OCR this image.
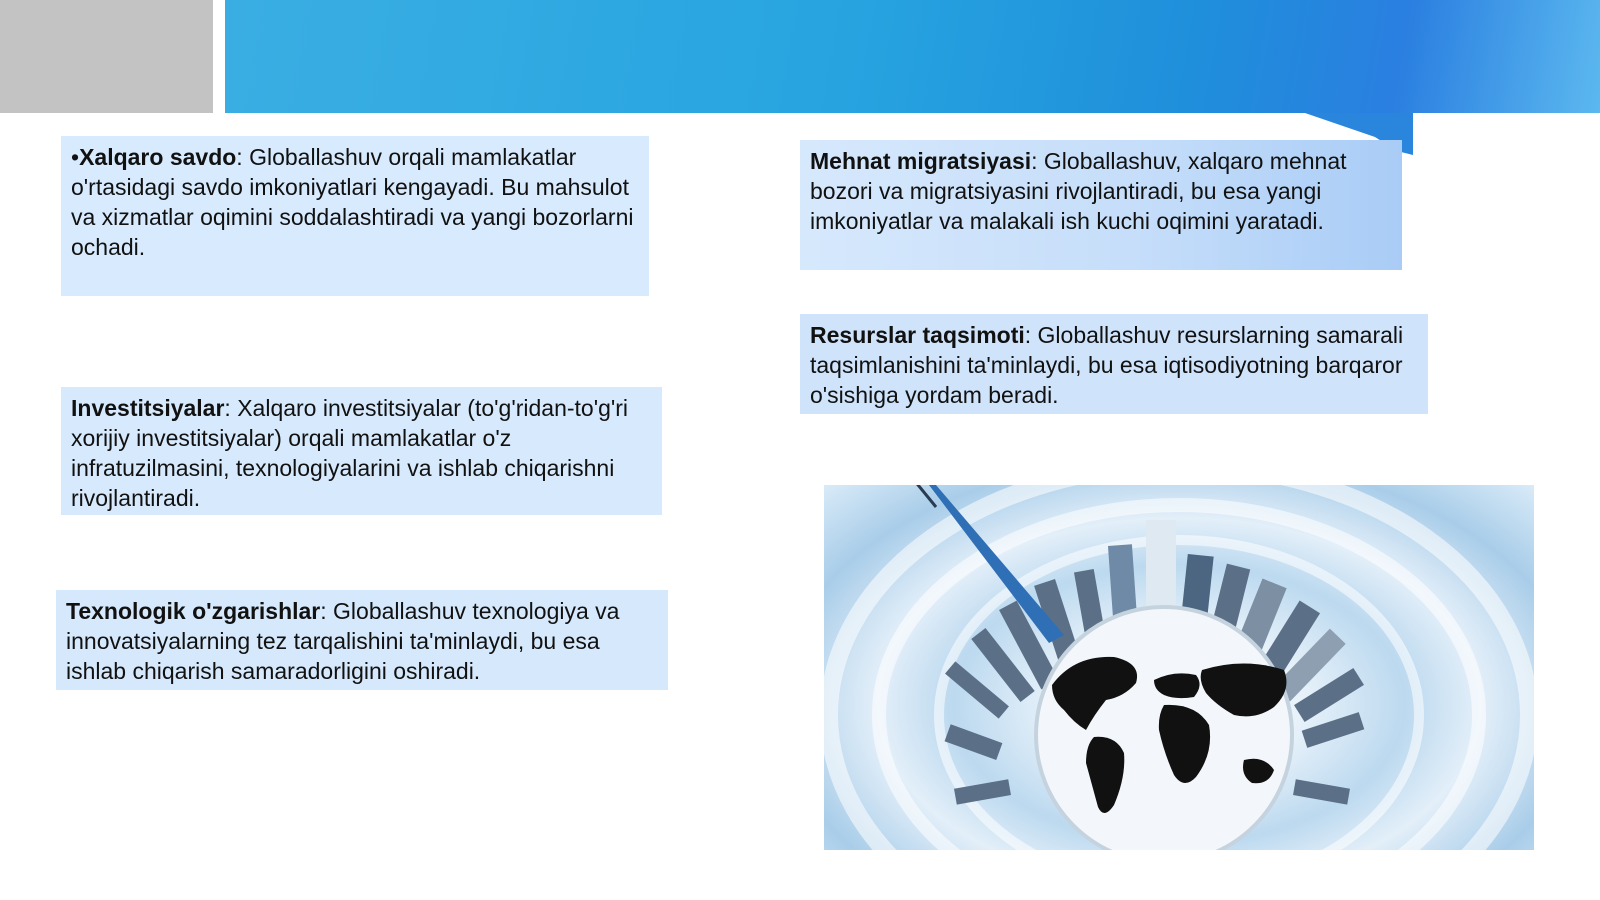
•Xalqaro savdo: Globallashuv orqali mamlakatlar o'rtasidagi savdo imkoniyatlari kengayadi. Bu mahsulot va xizmatlar oqimini soddalashtiradi va yangi bozorlarni ochadi.
Investitsiyalar: Xalqaro investitsiyalar (to'g'ridan-to'g'ri xorijiy investitsiyalar) orqali mamlakatlar o'z infratuzilmasini, texnologiyalarini va ishlab chiqarishni rivojlantiradi.
Texnologik o'zgarishlar: Globallashuv texnologiya va innovatsiyalarning tez tarqalishini ta'minlaydi, bu esa ishlab chiqarish samaradorligini oshiradi.
Mehnat migratsiyasi: Globallashuv, xalqaro mehnat bozori va migratsiyasini rivojlantiradi, bu esa yangi imkoniyatlar va malakali ish kuchi oqimini yaratadi.
Resurslar taqsimoti: Globallashuv resurslarning samarali taqsimlanishini ta'minlaydi, bu esa iqtisodiyotning barqaror o'sishiga yordam beradi.
